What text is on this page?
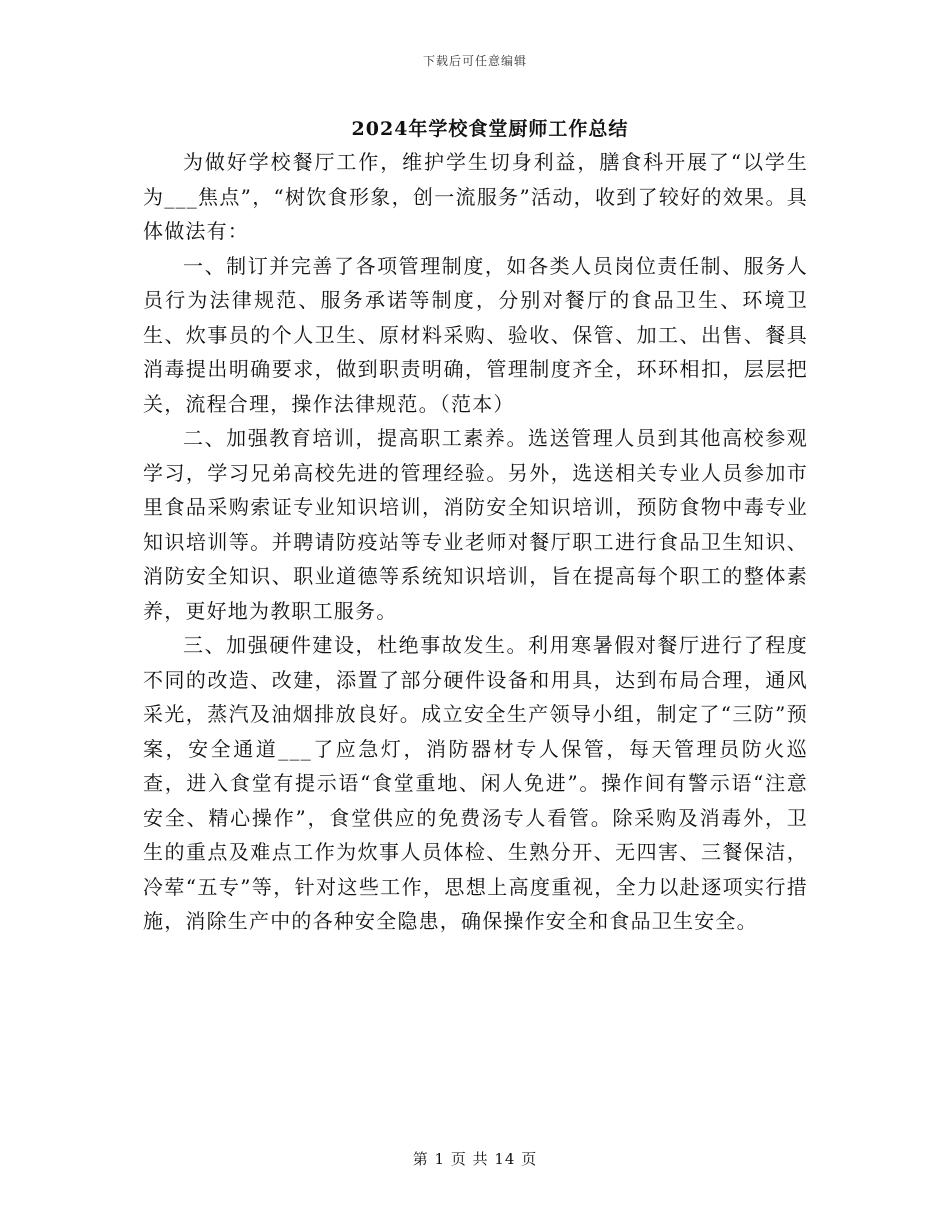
下载后可任意编辑
2024年学校食堂厨师工作总结

为做好学校餐厅工作，维护学生切身利益，膳食科开展了“以学生为___焦点”，“树饮食形象，创一流服务”活动，收到了较好的效果。具体做法有：

一、制订并完善了各项管理制度，如各类人员岗位责任制、服务人员行为法律规范、服务承诺等制度，分别对餐厅的食品卫生、环境卫生、炊事员的个人卫生、原材料采购、验收、保管、加工、出售、餐具消毒提出明确要求，做到职责明确，管理制度齐全，环环相扣，层层把关，流程合理，操作法律规范。（范本）

二、加强教育培训，提高职工素养。选送管理人员到其他高校参观学习，学习兄弟高校先进的管理经验。另外，选送相关专业人员参加市里食品采购索证专业知识培训，消防安全知识培训，预防食物中毒专业知识培训等。并聘请防疫站等专业老师对餐厅职工进行食品卫生知识、消防安全知识、职业道德等系统知识培训，旨在提高每个职工的整体素养，更好地为教职工服务。

三、加强硬件建设，杜绝事故发生。利用寒暑假对餐厅进行了程度不同的改造、改建，添置了部分硬件设备和用具，达到布局合理，通风采光，蒸汽及油烟排放良好。成立安全生产领导小组，制定了“三防”预案，安全通道___了应急灯，消防器材专人保管，每天管理员防火巡查，进入食堂有提示语“食堂重地、闲人免进”。操作间有警示语“注意安全、精心操作”，食堂供应的免费汤专人看管。除采购及消毒外，卫生的重点及难点工作为炊事人员体检、生熟分开、无四害、三餐保洁，冷荤“五专”等，针对这些工作，思想上高度重视，全力以赴逐项实行措施，消除生产中的各种安全隐患，确保操作安全和食品卫生安全。

第 1 页 共 14 页
